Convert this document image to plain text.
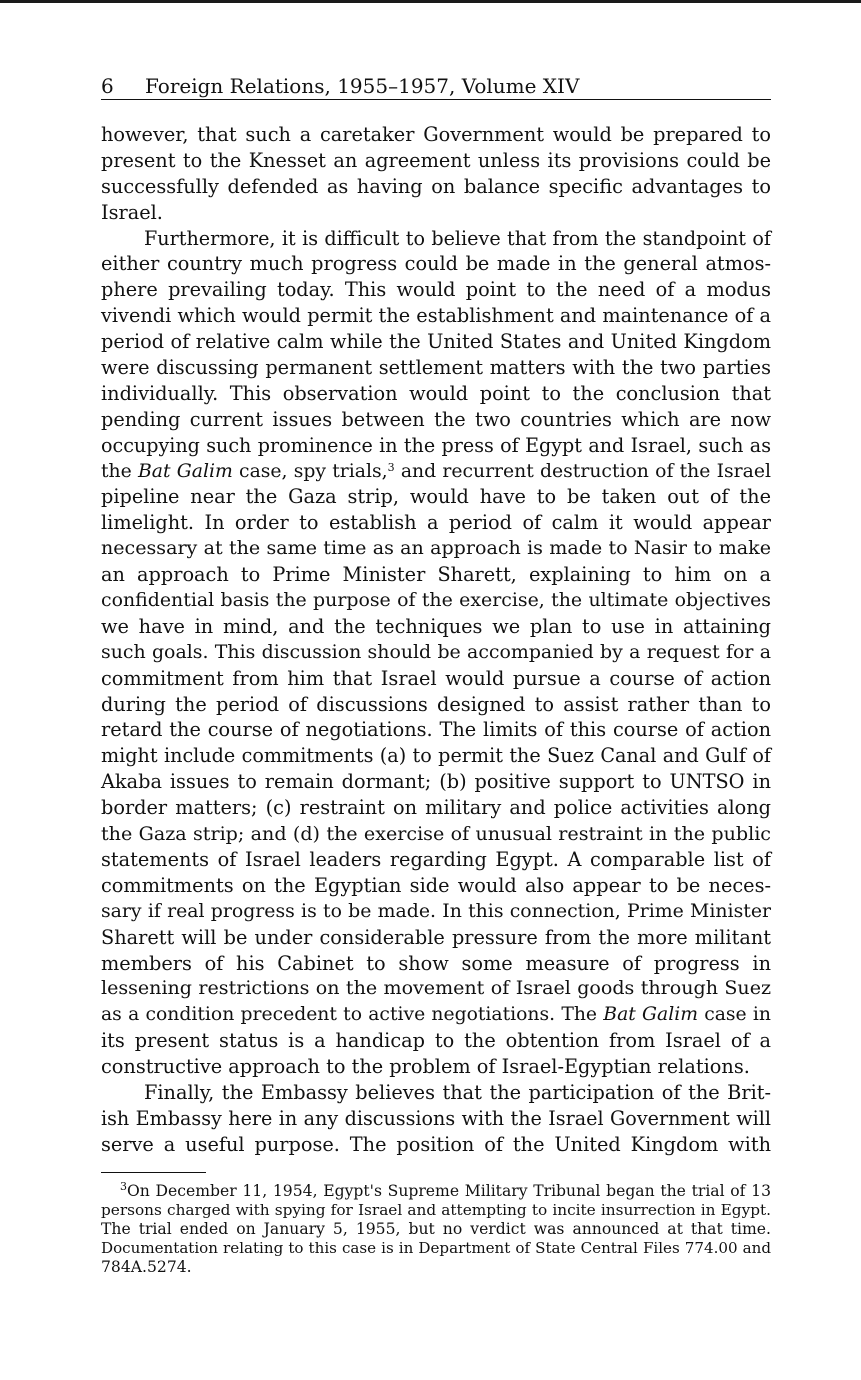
6 Foreign Relations, 1955–1957, Volume XIV
however, that such a caretaker Government would be prepared to
present to the Knesset an agreement unless its provisions could be
successfully defended as having on balance specific advantages to
Israel.
Furthermore, it is difficult to believe that from the standpoint of
either country much progress could be made in the general atmos-
phere prevailing today. This would point to the need of a modus
vivendi which would permit the establishment and maintenance of a
period of relative calm while the United States and United Kingdom
were discussing permanent settlement matters with the two parties
individually. This observation would point to the conclusion that
pending current issues between the two countries which are now
occupying such prominence in the press of Egypt and Israel, such as
the Bat Galim case, spy trials,$^3$ and recurrent destruction of the Israel
pipeline near the Gaza strip, would have to be taken out of the
limelight. In order to establish a period of calm it would appear
necessary at the same time as an approach is made to Nasir to make
an approach to Prime Minister Sharett, explaining to him on a
confidential basis the purpose of the exercise, the ultimate objectives
we have in mind, and the techniques we plan to use in attaining
such goals. This discussion should be accompanied by a request for a
commitment from him that Israel would pursue a course of action
during the period of discussions designed to assist rather than to
retard the course of negotiations. The limits of this course of action
might include commitments (a) to permit the Suez Canal and Gulf of
Akaba issues to remain dormant; (b) positive support to UNTSO in
border matters; (c) restraint on military and police activities along
the Gaza strip; and (d) the exercise of unusual restraint in the public
statements of Israel leaders regarding Egypt. A comparable list of
commitments on the Egyptian side would also appear to be neces-
sary if real progress is to be made. In this connection, Prime Minister
Sharett will be under considerable pressure from the more militant
members of his Cabinet to show some measure of progress in
lessening restrictions on the movement of Israel goods through Suez
as a condition precedent to active negotiations. The Bat Galim case in
its present status is a handicap to the obtention from Israel of a
constructive approach to the problem of Israel-Egyptian relations.
Finally, the Embassy believes that the participation of the Brit-
ish Embassy here in any discussions with the Israel Government will
serve a useful purpose. The position of the United Kingdom with
$^3$On December 11, 1954, Egypt's Supreme Military Tribunal began the trial of 13
persons charged with spying for Israel and attempting to incite insurrection in Egypt.
The trial ended on January 5, 1955, but no verdict was announced at that time.
Documentation relating to this case is in Department of State Central Files 774.00 and
784A.5274.
